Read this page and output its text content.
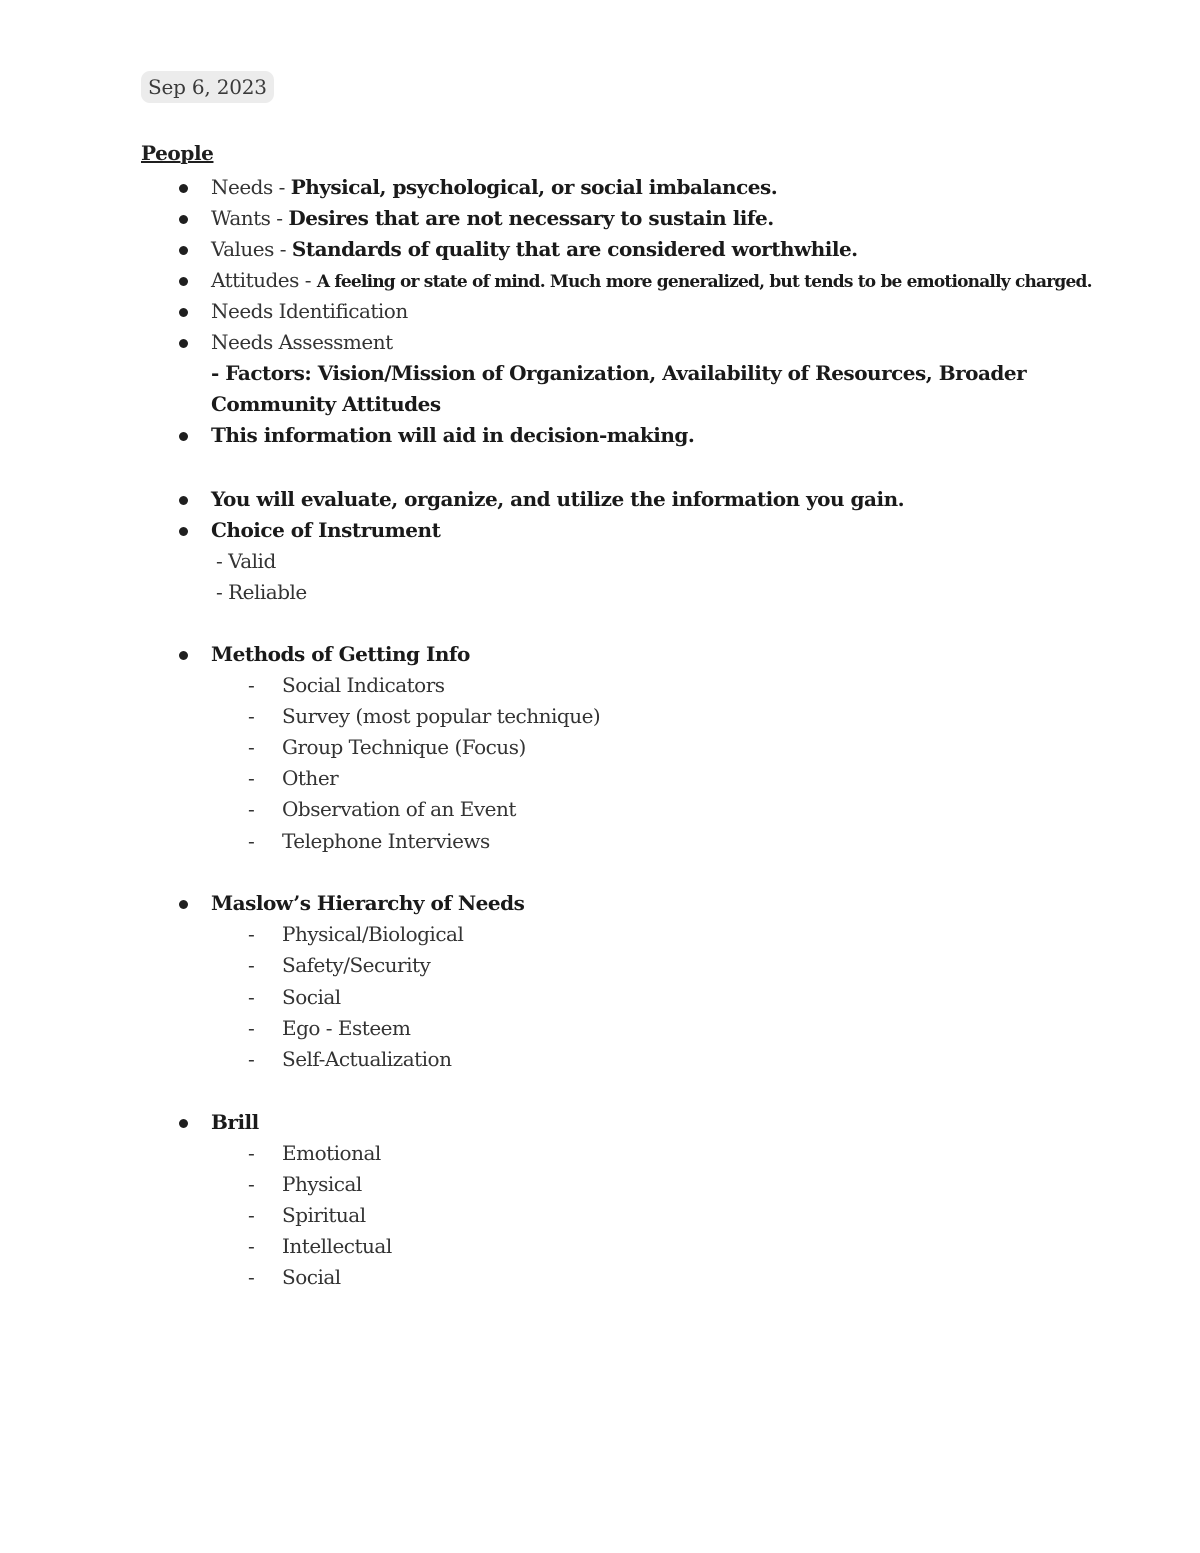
Sep 6, 2023
People
Needs - Physical, psychological, or social imbalances.
Wants - Desires that are not necessary to sustain life.
Values - Standards of quality that are considered worthwhile.
Attitudes - A feeling or state of mind. Much more generalized, but tends to be emotionally charged.
Needs Identification
Needs Assessment
- Factors: Vision/Mission of Organization, Availability of Resources, Broader
Community Attitudes
This information will aid in decision-making.
You will evaluate, organize, and utilize the information you gain.
Choice of Instrument
- Valid
- Reliable
Methods of Getting Info
- Social Indicators
- Survey (most popular technique)
- Group Technique (Focus)
- Other
- Observation of an Event
- Telephone Interviews
Maslow’s Hierarchy of Needs
- Physical/Biological
- Safety/Security
- Social
- Ego - Esteem
- Self-Actualization
Brill
- Emotional
- Physical
- Spiritual
- Intellectual
- Social
